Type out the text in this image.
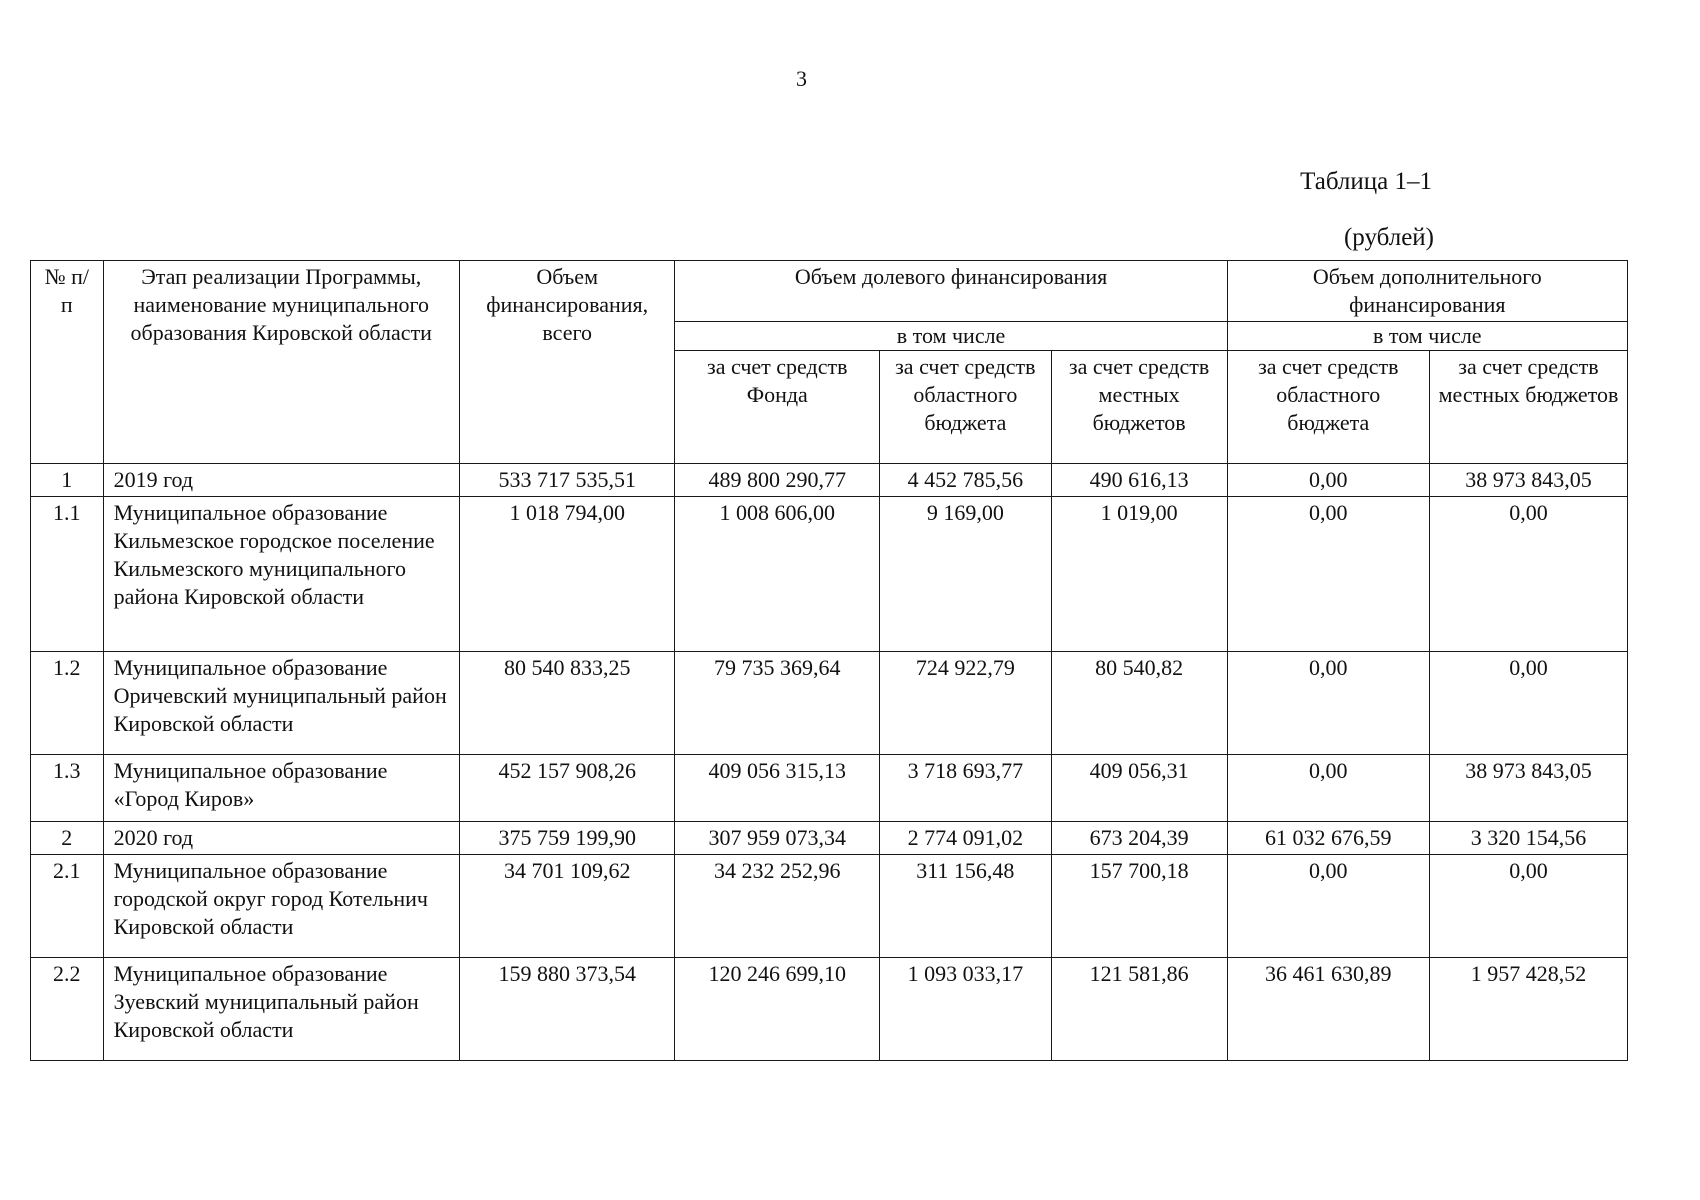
3
Таблица 1–1
(рублей)
№ п/п	Этап реализации Программы, наименование муниципального образования Кировской области	Объем финансирования, всего	Объем долевого финансирования			Объем дополнительного финансирования	
			в том числе			в том числе	
			за счет средств Фонда	за счет средств областного бюджета	за счет средств местных бюджетов	за счет средств областного бюджета	за счет средств местных бюджетов
1	2019 год	533 717 535,51	489 800 290,77	4 452 785,56	490 616,13	0,00	38 973 843,05
1.1	Муниципальное образование Кильмезское городское поселение Кильмезского муниципального района Кировской области	1 018 794,00	1 008 606,00	9 169,00	1 019,00	0,00	0,00
1.2	Муниципальное образование Оричевский муниципальный район Кировской области	80 540 833,25	79 735 369,64	724 922,79	80 540,82	0,00	0,00
1.3	Муниципальное образование «Город Киров»	452 157 908,26	409 056 315,13	3 718 693,77	409 056,31	0,00	38 973 843,05
2	2020 год	375 759 199,90	307 959 073,34	2 774 091,02	673 204,39	61 032 676,59	3 320 154,56
2.1	Муниципальное образование городской округ город Котельнич Кировской области	34 701 109,62	34 232 252,96	311 156,48	157 700,18	0,00	0,00
2.2	Муниципальное образование Зуевский муниципальный район Кировской области	159 880 373,54	120 246 699,10	1 093 033,17	121 581,86	36 461 630,89	1 957 428,52
